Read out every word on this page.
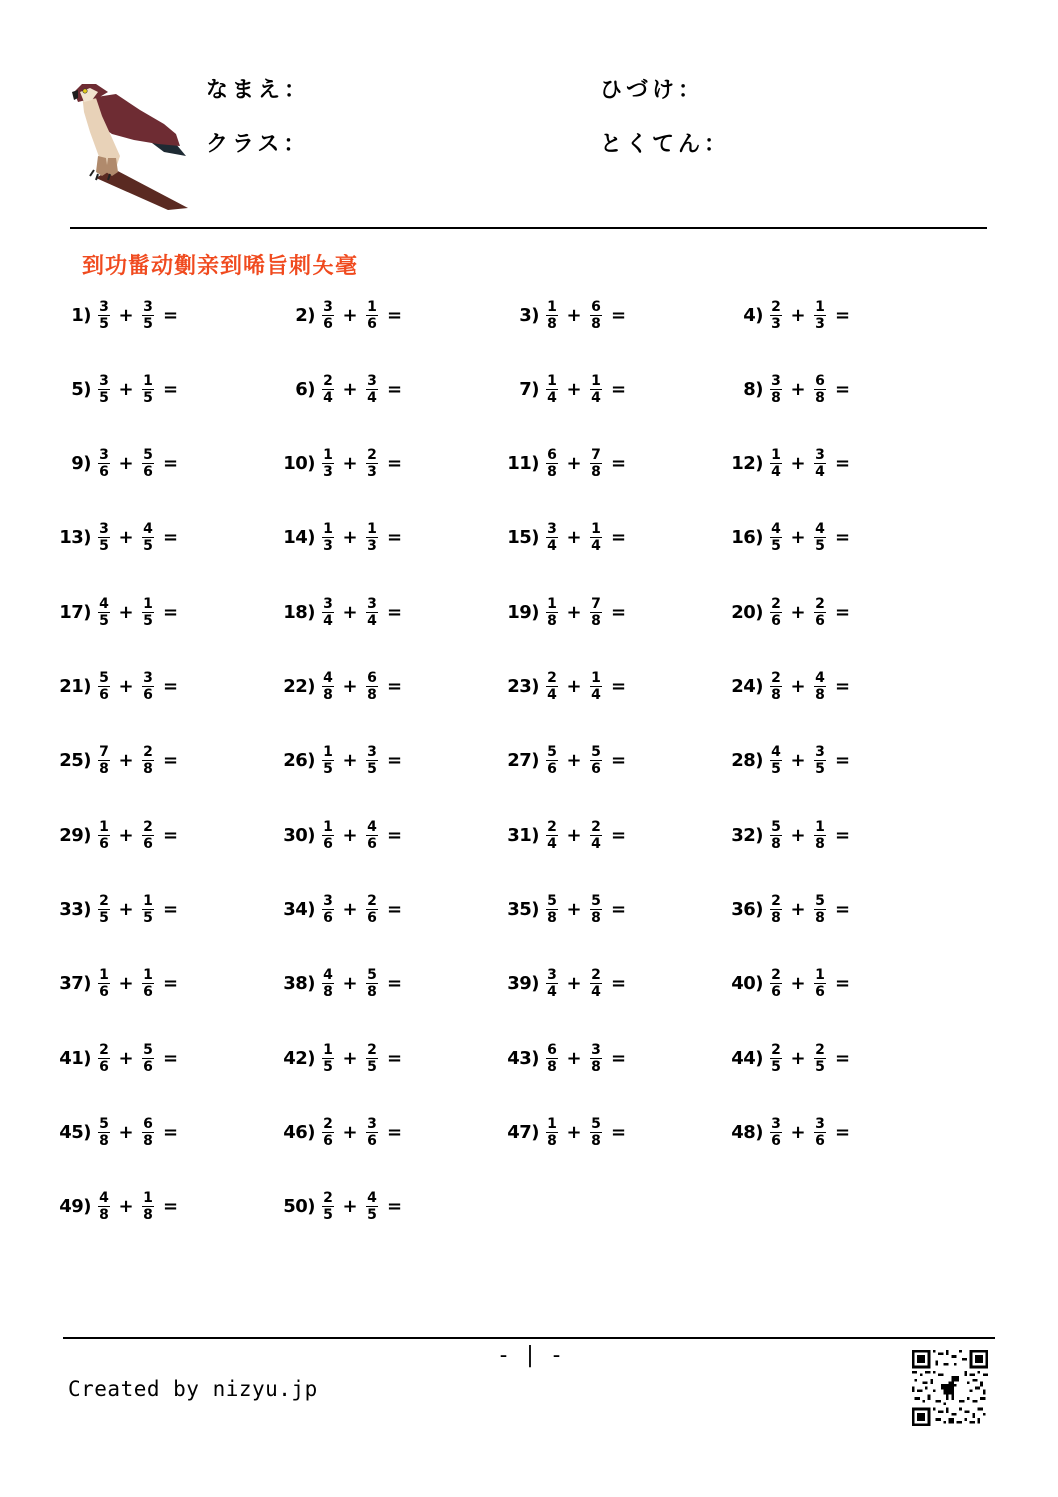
なまえ：	ひづけ：
クラス：	とくてん：
到功髷动劐亲到唏旨刺夨毫
$1) \frac{3}{5} + \frac{3}{5}$ =	$2) \frac{3}{6} + \frac{1}{6}$ =	$3) \frac{1}{8} + \frac{6}{8}$ =	$4) \frac{2}{3} + \frac{1}{3}$ =
$5) \frac{3}{5} + \frac{1}{5}$ =	$6) \frac{2}{4} + \frac{3}{4}$ =	$7) \frac{1}{4} + \frac{1}{4}$ =	$8) \frac{3}{8} + \frac{6}{8}$ =
$9) \frac{3}{6} + \frac{5}{6}$ =	$10) \frac{1}{3} + \frac{2}{3}$ =	$11) \frac{6}{8} + \frac{7}{8}$ =	$12) \frac{1}{4} + \frac{3}{4}$ =
$13) \frac{3}{5} + \frac{4}{5}$ =	$14) \frac{1}{3} + \frac{1}{3}$ =	$15) \frac{3}{4} + \frac{1}{4}$ =	$16) \frac{4}{5} + \frac{4}{5}$ =
$17) \frac{4}{5} + \frac{1}{5}$ =	$18) \frac{3}{4} + \frac{3}{4}$ =	$19) \frac{1}{8} + \frac{7}{8}$ =	$20) \frac{2}{6} + \frac{2}{6}$ =
$21) \frac{5}{6} + \frac{3}{6}$ =	$22) \frac{4}{8} + \frac{6}{8}$ =	$23) \frac{2}{4} + \frac{1}{4}$ =	$24) \frac{2}{8} + \frac{4}{8}$ =
$25) \frac{7}{8} + \frac{2}{8}$ =	$26) \frac{1}{5} + \frac{3}{5}$ =	$27) \frac{5}{6} + \frac{5}{6}$ =	$28) \frac{4}{5} + \frac{3}{5}$ =
$29) \frac{1}{6} + \frac{2}{6}$ =	$30) \frac{1}{6} + \frac{4}{6}$ =	$31) \frac{2}{4} + \frac{2}{4}$ =	$32) \frac{5}{8} + \frac{1}{8}$ =
$33) \frac{2}{5} + \frac{1}{5}$ =	$34) \frac{3}{6} + \frac{2}{6}$ =	$35) \frac{5}{8} + \frac{5}{8}$ =	$36) \frac{2}{8} + \frac{5}{8}$ =
$37) \frac{1}{6} + \frac{1}{6}$ =	$38) \frac{4}{8} + \frac{5}{8}$ =	$39) \frac{3}{4} + \frac{2}{4}$ =	$40) \frac{2}{6} + \frac{1}{6}$ =
$41) \frac{2}{6} + \frac{5}{6}$ =	$42) \frac{1}{5} + \frac{2}{5}$ =	$43) \frac{6}{8} + \frac{3}{8}$ =	$44) \frac{2}{5} + \frac{2}{5}$ =
$45) \frac{5}{8} + \frac{6}{8}$ =	$46) \frac{2}{6} + \frac{3}{6}$ =	$47) \frac{1}{8} + \frac{5}{8}$ =	$48) \frac{3}{6} + \frac{3}{6}$ =
$49) \frac{4}{8} + \frac{1}{8}$ =	$50) \frac{2}{5} + \frac{4}{5}$ =
- | -
Created by nizyu.jp
